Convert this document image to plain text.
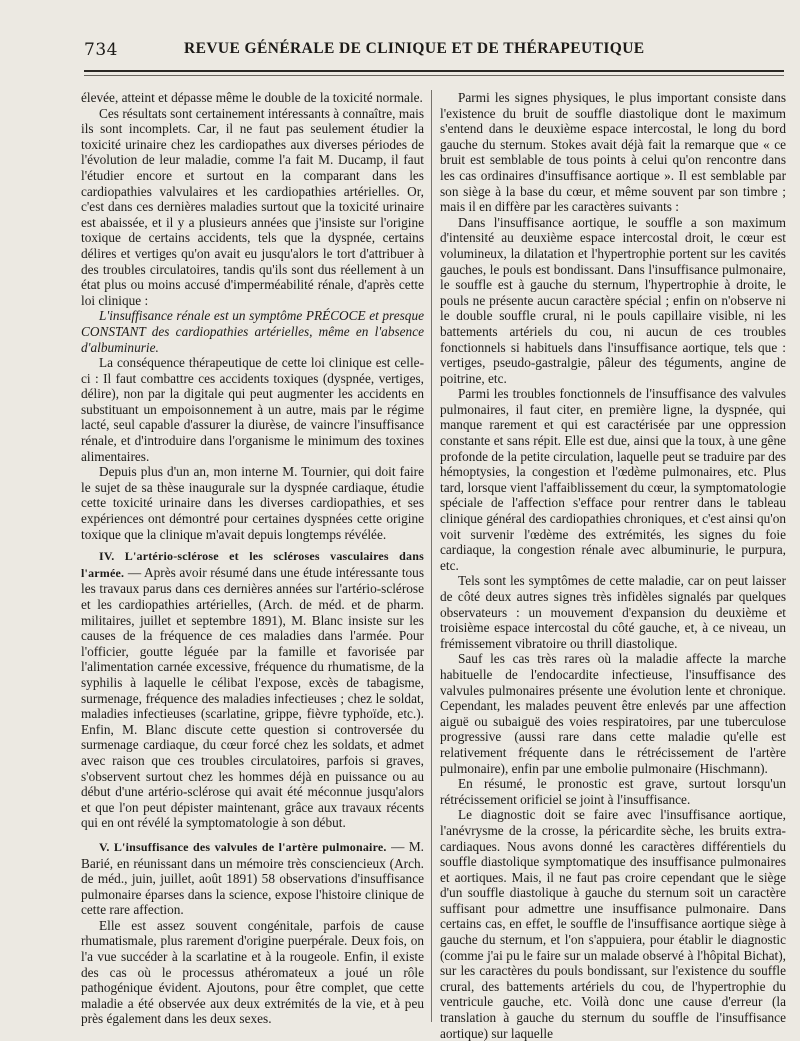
734	REVUE GÉNÉRALE DE CLINIQUE ET DE THÉRAPEUTIQUE

élevée, atteint et dépasse même le double de la toxicité normale.

Ces résultats sont certainement intéressants à connaître, mais ils sont incomplets. Car, il ne faut pas seulement étudier la toxicité urinaire chez les cardiopathes aux diverses périodes de l'évolution de leur maladie, comme l'a fait M. Ducamp, il faut l'étudier encore et surtout en la comparant dans les cardiopathies valvulaires et les cardiopathies artérielles. Or, c'est dans ces dernières maladies surtout que la toxicité urinaire est abaissée, et il y a plusieurs années que j'insiste sur l'origine toxique de certains accidents, tels que la dyspnée, certains délires et vertiges qu'on avait eu jusqu'alors le tort d'attribuer à des troubles circulatoires, tandis qu'ils sont dus réellement à un état plus ou moins accusé d'imperméabilité rénale, d'après cette loi clinique :

L'insuffisance rénale est un symptôme PRÉCOCE et presque CONSTANT des cardiopathies artérielles, même en l'absence d'albuminurie.

La conséquence thérapeutique de cette loi clinique est celle-ci : Il faut combattre ces accidents toxiques (dyspnée, vertiges, délire), non par la digitale qui peut augmenter les accidents en substituant un empoisonnement à un autre, mais par le régime lacté, seul capable d'assurer la diurèse, de vaincre l'insuffisance rénale, et d'introduire dans l'organisme le minimum des toxines alimentaires.

Depuis plus d'un an, mon interne M. Tournier, qui doit faire le sujet de sa thèse inaugurale sur la dyspnée cardiaque, étudie cette toxicité urinaire dans les diverses cardiopathies, et ses expériences ont démontré pour certaines dyspnées cette origine toxique que la clinique m'avait depuis longtemps révélée.

IV. L'artério-sclérose et les scléroses vasculaires dans l'armée. — Après avoir résumé dans une étude intéressante tous les travaux parus dans ces dernières années sur l'artério-sclérose et les cardiopathies artérielles, (Arch. de méd. et de pharm. militaires, juillet et septembre 1891), M. Blanc insiste sur les causes de la fréquence de ces maladies dans l'armée. Pour l'officier, goutte léguée par la famille et favorisée par l'alimentation carnée excessive, fréquence du rhumatisme, de la syphilis à laquelle le célibat l'expose, excès de tabagisme, surmenage, fréquence des maladies infectieuses ; chez le soldat, maladies infectieuses (scarlatine, grippe, fièvre typhoïde, etc.). Enfin, M. Blanc discute cette question si controversée du surmenage cardiaque, du cœur forcé chez les soldats, et admet avec raison que ces troubles circulatoires, parfois si graves, s'observent surtout chez les hommes déjà en puissance ou au début d'une artério-sclérose qui avait été méconnue jusqu'alors et que l'on peut dépister maintenant, grâce aux travaux récents qui en ont révélé la symptomatologie à son début.

V. L'insuffisance des valvules de l'artère pulmonaire. — M. Barié, en réunissant dans un mémoire très consciencieux (Arch. de méd., juin, juillet, août 1891) 58 observations d'insuffisance pulmonaire éparses dans la science, expose l'histoire clinique de cette rare affection.

Elle est assez souvent congénitale, parfois de cause rhumatismale, plus rarement d'origine puerpérale. Deux fois, on l'a vue succéder à la scarlatine et à la rougeole. Enfin, il existe des cas où le processus athéromateux a joué un rôle pathogénique évident. Ajoutons, pour être complet, que cette maladie a été observée aux deux extrémités de la vie, et à peu près également dans les deux sexes.

Parmi les signes physiques, le plus important consiste dans l'existence du bruit de souffle diastolique dont le maximum s'entend dans le deuxième espace intercostal, le long du bord gauche du sternum. Stokes avait déjà fait la remarque que « ce bruit est semblable de tous points à celui qu'on rencontre dans les cas ordinaires d'insuffisance aortique ». Il est semblable par son siège à la base du cœur, et même souvent par son timbre ; mais il en diffère par les caractères suivants :

Dans l'insuffisance aortique, le souffle a son maximum d'intensité au deuxième espace intercostal droit, le cœur est volumineux, la dilatation et l'hypertrophie portent sur les cavités gauches, le pouls est bondissant. Dans l'insuffisance pulmonaire, le souffle est à gauche du sternum, l'hypertrophie à droite, le pouls ne présente aucun caractère spécial ; enfin on n'observe ni le double souffle crural, ni le pouls capillaire visible, ni les battements artériels du cou, ni aucun de ces troubles fonctionnels si habituels dans l'insuffisance aortique, tels que : vertiges, pseudo-gastralgie, pâleur des téguments, angine de poitrine, etc.

Parmi les troubles fonctionnels de l'insuffisance des valvules pulmonaires, il faut citer, en première ligne, la dyspnée, qui manque rarement et qui est caractérisée par une oppression constante et sans répit. Elle est due, ainsi que la toux, à une gêne profonde de la petite circulation, laquelle peut se traduire par des hémoptysies, la congestion et l'œdème pulmonaires, etc. Plus tard, lorsque vient l'affaiblissement du cœur, la symptomatologie spéciale de l'affection s'efface pour rentrer dans le tableau clinique général des cardiopathies chroniques, et c'est ainsi qu'on voit survenir l'œdème des extrémités, les signes du foie cardiaque, la congestion rénale avec albuminurie, le purpura, etc.

Tels sont les symptômes de cette maladie, car on peut laisser de côté deux autres signes très infidèles signalés par quelques observateurs : un mouvement d'expansion du deuxième et troisième espace intercostal du côté gauche, et, à ce niveau, un frémissement vibratoire ou thrill diastolique.

Sauf les cas très rares où la maladie affecte la marche habituelle de l'endocardite infectieuse, l'insuffisance des valvules pulmonaires présente une évolution lente et chronique. Cependant, les malades peuvent être enlevés par une affection aiguë ou subaiguë des voies respiratoires, par une tuberculose progressive (aussi rare dans cette maladie qu'elle est relativement fréquente dans le rétrécissement de l'artère pulmonaire), enfin par une embolie pulmonaire (Hischmann).

En résumé, le pronostic est grave, surtout lorsqu'un rétrécissement orificiel se joint à l'insuffisance.

Le diagnostic doit se faire avec l'insuffisance aortique, l'anévrysme de la crosse, la péricardite sèche, les bruits extra-cardiaques. Nous avons donné les caractères différentiels du souffle diastolique symptomatique des insuffisance pulmonaires et aortiques. Mais, il ne faut pas croire cependant que le siège d'un souffle diastolique à gauche du sternum soit un caractère suffisant pour admettre une insuffisance pulmonaire. Dans certains cas, en effet, le souffle de l'insuffisance aortique siège à gauche du sternum, et l'on s'appuiera, pour établir le diagnostic (comme j'ai pu le faire sur un malade observé à l'hôpital Bichat), sur les caractères du pouls bondissant, sur l'existence du souffle crural, des battements artériels du cou, de l'hypertrophie du ventricule gauche, etc. Voilà donc une cause d'erreur (la translation à gauche du sternum du souffle de l'insuffisance aortique) sur laquelle
